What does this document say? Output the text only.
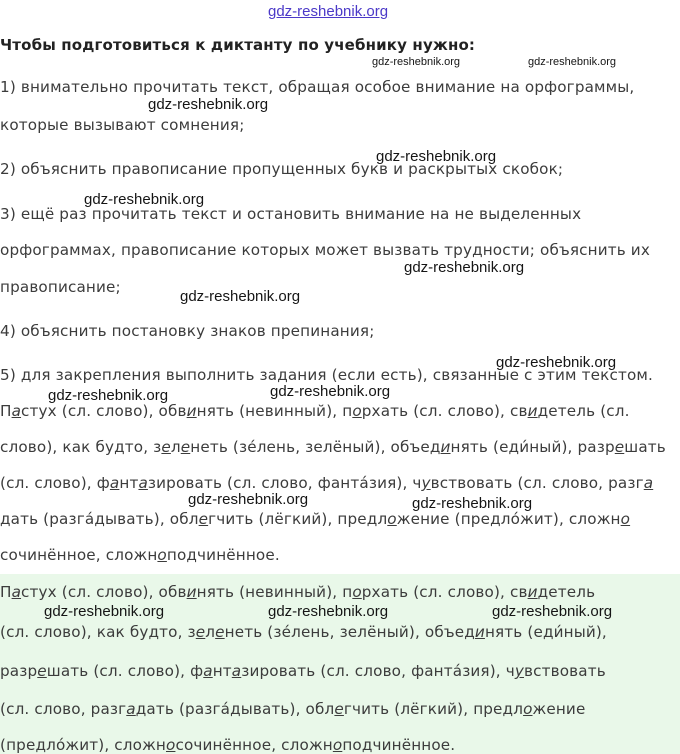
gdz-reshebnik.org
Чтобы подготовиться к диктанту по учебнику нужно:
gdz-reshebnik.org	gdz-reshebnik.org
1) внимательно прочитать текст, обращая особое внимание на орфограммы,
gdz-reshebnik.org
которые вызывают сомнения;
gdz-reshebnik.org
2) объяснить правописание пропущенных букв и раскрытых скобок;
gdz-reshebnik.org
3) ещё раз прочитать текст и остановить внимание на не выделенных
орфограммах, правописание которых может вызвать трудности; объяснить их
gdz-reshebnik.org
правописание;
gdz-reshebnik.org
4) объяснить постановку знаков препинания;
gdz-reshebnik.org
5) для закрепления выполнить задания (если есть), связанные с этим текстом.
gdz-reshebnik.org
gdz-reshebnik.org
Пастух (сл. слово), обвинять (невинный), порхать (сл. слово), свидетель (сл.
слово), как будто, зеленеть (зе́лень, зелёный), объединять (еди́ный), разрешать
(сл. слово), фантазировать (сл. слово, фанта́зия), чувствовать (сл. слово, разга
gdz-reshebnik.org	gdz-reshebnik.org
дать (разга́дывать), облегчить (лёгкий), предложение (предло́жит), сложно
сочинённое, сложноподчинённое.
Пастух (сл. слово), обвинять (невинный), порхать (сл. слово), свидетель
gdz-reshebnik.org	gdz-reshebnik.org	gdz-reshebnik.org
(сл. слово), как будто, зеленеть (зе́лень, зелёный), объединять (еди́ный),
разрешать (сл. слово), фантазировать (сл. слово, фанта́зия), чувствовать
(сл. слово, разгадать (разга́дывать), облегчить (лёгкий), предложение
(предло́жит), сложносочинённое, сложноподчинённое.
